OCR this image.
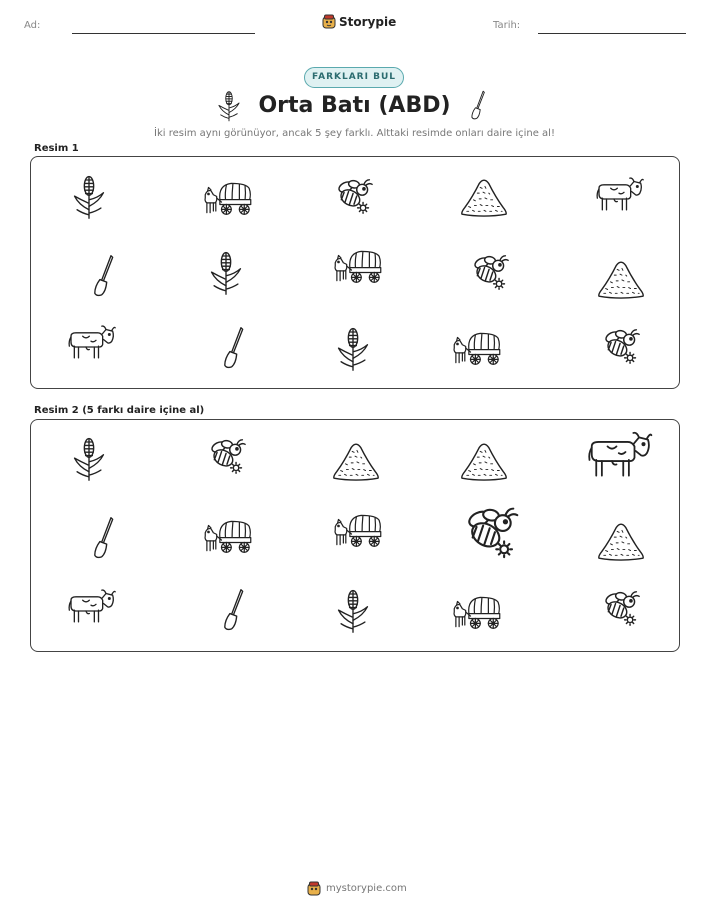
Ad:	Storypie	Tarih:
FARKLARI BUL
Orta Batı (ABD)
İki resim aynı görünüyor, ancak 5 şey farklı. Alttaki resimde onları daire içine al!
Resim 1
Resim 2 (5 farkı daire içine al)
mystorypie.com
